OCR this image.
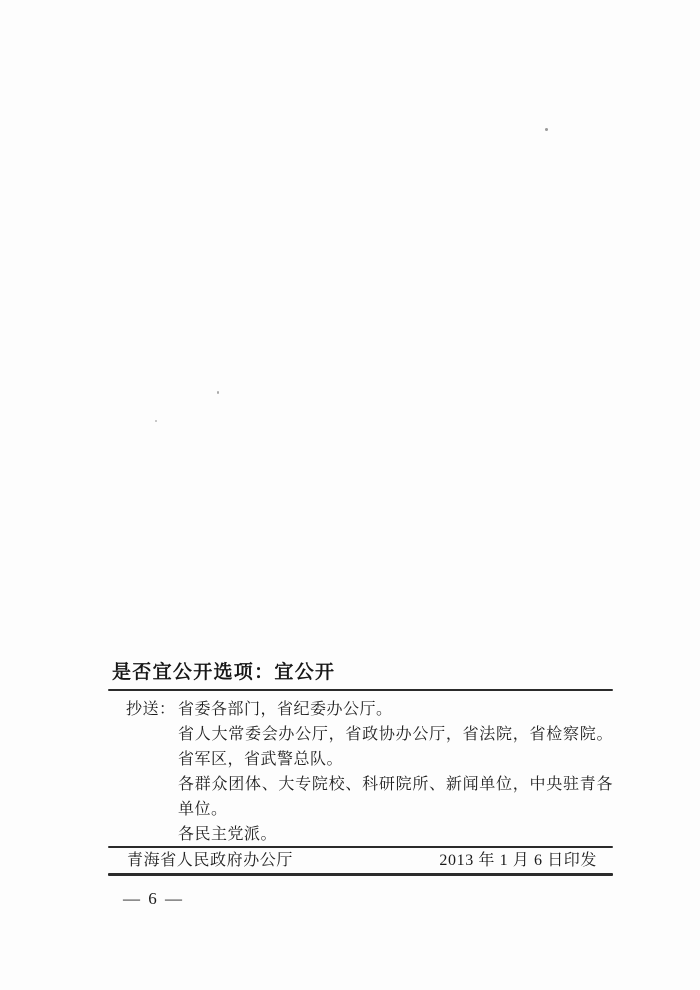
是否宜公开选项：宜公开
抄送： 省委各部门，省纪委办公厅。
省人大常委会办公厅，省政协办公厅，省法院，省检察院。
省军区，省武警总队。
各群众团体、大专院校、科研院所、新闻单位，中央驻青各单位。
各民主党派。
青海省人民政府办公厅	2013 年 1 月 6 日印发
— 6 —
